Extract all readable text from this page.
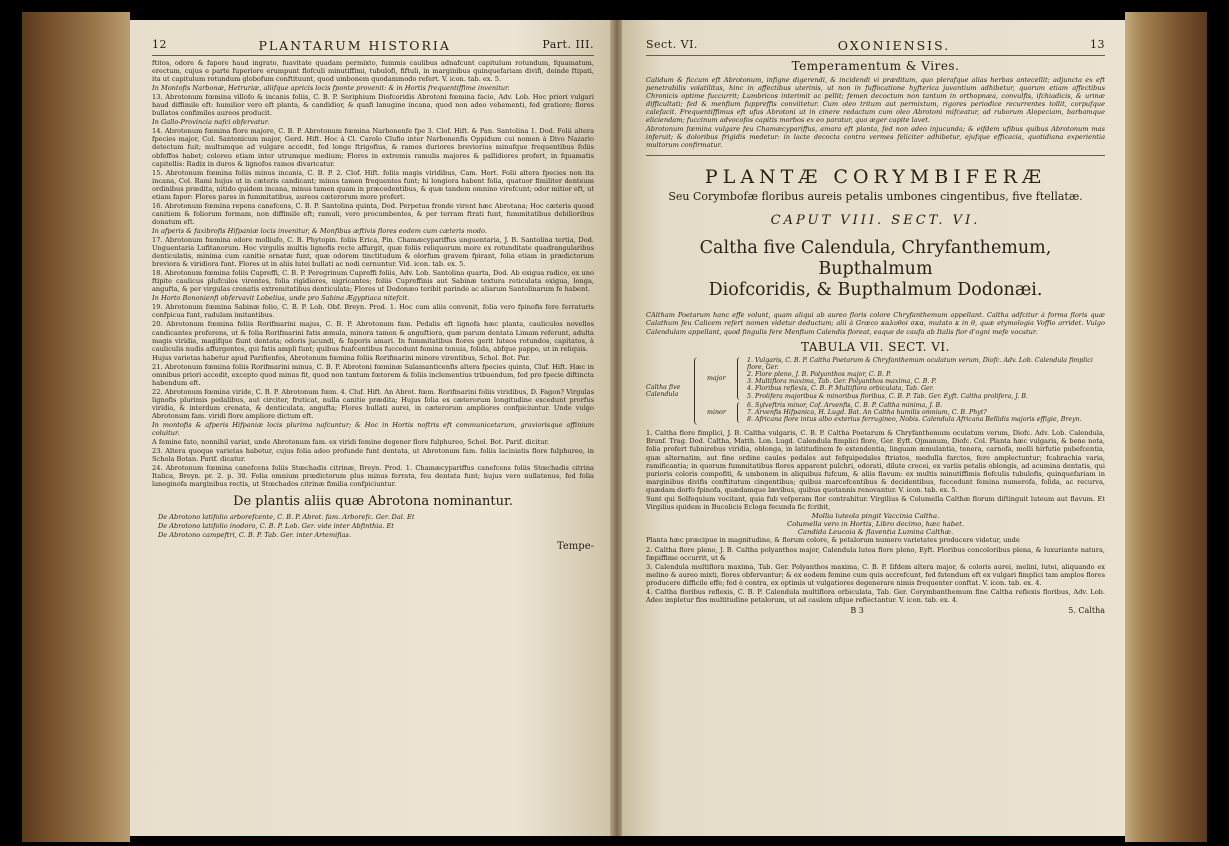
12	PLANTARUM HISTORIA	Part. III.

ftitos, odore & fapore haud ingrato, fuavitate quadam permixto, fummis caulibus adnafcunt capitulum rotundum, fquamatum, erectum, cujus e parte fuperiore erumpunt flofculi minutiffimi, tubulofi, fiftuli, in marginibus quinquefariam divifi, deinde ftipati, ita ut capitulum rotundum globofum conftituunt, quod umbonem quodammodo refert. V. icon. tab. ex. 5.

In Montofis Narbonæ, Hetruriæ, aliifque apricis locis fponte provenit: & in Hortis frequentiffime invenitur.

13. Abrotonum fœmina villofo & incanis foliis, C. B. P. Seriphium Diofcoridis Abrotoni fœmina facie, Adv. Lob. Hoc priori vulgari haud diffimile eft: humilior vero eft planta, & candidior, & quafi lanugine incana, quod non adeo vehementi, fed gratiore; flores bullatos confimiles aureos producit.

In Gallo-Provincia nafci obfervatur.

14. Abrotonum fœmina flore majore, C. B. P. Abrotonum fœmina Narbonenfe fpe 3. Clof. Hift. & Pan. Santolina 1. Dod. Folii altera fpecies major, Col. Santonicum major, Gerd. Hift. Hoc à Cl. Carolo Clufio inter Narbonenfis Oppidum cui nomen à Divo Nazario detectum fuit; multumque ad vulgare accedit, fed longe ftrigofius, & ramos duriores breviorius minufque frequentibus foliis obfeffos habet; coloreu etiam inter utrumque medium; Flores in extremis ramulis majores & pallidiores profert, in fquamatis capitellis: Radix in duros & lignofos ramos divaricatur.

15. Abrotonum fœmina foliis minus incanis, C. B. P. 2. Clof. Hift. foliis magis viridibus, Cam. Hort. Folii altera fpecies non ita incana, Col. Rami hujus ut in cæteris candicant; minus tamen frequentes funt; hi longiora habent folia, quatuor fimiliter denteum ordinibus prædita, nitido quidem incana, minus tamen quam in præcedentibus, & quæ tandem omnino virefcunt; odor mitior eft, ut etiam fapor: Flores pares in fummitatibus, aureos cæterorum more profert.

16. Abrotonum fœmina repens canefcens, C. B. P. Santolina quinta, Dod. Perpetua fronde virent hæc Abrotana; Hoc cæteris quoad canitiem & foliorum formam, non diffimile eft; ramuli, vero procumbentes, & per terram ftrati funt, fummitatibus debilioribus donatum eft.

In afperis & faxibrofis Hifpaniæ locis invenitur, & Monfibus æftivis flores eodem cum cæteris modo.

17. Abrotonum fœmina odore molliufo, C. B. Phytopin. foliis Erica, Pin. Chamæcypariffus unguentaria, J. B. Santolina tertia, Dod. Unguentaria Lufitanorum. Hoc virgulis multis lignofis recte affurgit, quæ foliis reliquorum more ex rotunditate quadrangularibus denticulatis, minima cum canitie ornatæ funt, quæ odorem tinctitudum & olorfum gravem fpirant, folia etiam in prædictorum breviora & viridiora funt. Flores ut in aliis lutei bullati ac nodi cernuntur. Vid. icon. tab. ex. 5.

18. Abrotonum fœmina foliis Cupreffi, C. B. P. Peregrinum Cupreffi foliis, Adv. Lob. Santolina quarta, Dod. Ab exigua radice, ex uno ftipite caulicus plufculos virentes, folia rigidiores, nigricantes; foliis Cupreffinis aut Sabinæ textura reticulata exigua, longa, angufta, & per virgulas crenatis extremitatibus denticulata; Flores ut Dodonæo teribit parinde ac aliarum Santolinarum fe habent.

In Horto Bononienfi obfervavit Lobelius, unde pro Sabina Ægyptiaca nitefcit.

19. Abrotonum fœmina Sabinæ folio, C. B. P. Lob. Obf. Breyn. Prod. 1. Hoc cum aliis convenit, folia vero fpinofis fere ferraturis confpicua funt, radulam imitantibus.

20. Abrotonum fœmina foliis Rorifmarini majus, C. B. P. Abrotonum fam. Pedalis eft lignofa hæc planta, cauliculos novellos candicantes proferens, ut & folia Rorifmarini fatis æmula, minora tamen & anguftiora, quæ parum dentata Limam referunt, adulta magis viridia, magifque fiunt dentata; odoris jucundi, & faporis amari. In fummitatibus flores gerit luteos rotundos, capitatos, à cauliculis nudis affurgentes, qui fatis ampli funt; quibus fuafcentibus fuccedunt femina tenuia, folida, abfque pappo, ut in reliquis.

Hujus varietas habetur apud Parifienfes, Abrotonum fœmina foliis Rorifmarini minore virentibus, Schol. Bot. Par.

21. Abrotonum fœmina foliis Rorifmarini minus, C. B. P. Abrotoni fœminæ Salamanticenfis altera fpecies quinta, Cluf. Hift. Hæc in omnibus priori accedit, excepto quod minus fit, quod non tantum fœtorem & foliis inclementius tribuendum, fed pro fpecie diftincta habendum eft.

22. Abrotonum fœmina viride, C. B. P. Abrotonum fœm. 4. Cluf. Hift. An Abrot. fœm. Rorifmarini foliis viridibus, D. Fagon? Virgulas lignofis plurimis pedalibus, aut circiter, fruticat, nulla canitie prædita; Hujus folia ex cæterorum longitudine excedunt prorfus viridia, & interdum crenata, & denticulata, angufta; Flores bullati aurei, in cæterorum ampliores confpiciuntur. Unde vulgo Abrotonum fam. viridi flore ampliore dictum eft.

In montofis & afperis Hifpaniæ locis plurima nafcuntur; & Hoc in Hortis noftris eft communicetarum, graviorisque affinium coluitur.

A femine fato, nonnihil variat, unde Abrotonum fam. ex viridi femine degener flore fulphureo, Schol. Bot. Parif. dicitur.

23. Altera quoque varietas habetur, cujus folia adeo profunde funt dentata, ut Abrotonum fam. foliis laciniatis flore fulphureo, in Schola Botan. Parif. dicatur.

24. Abrotonum fœmina canefcens foliis Stœchadis citrinæ, Breyn. Prod. 1. Chamæcypariffus canefcens foliis Stœchadis citrina Italica, Breyn. pr. 2. p. 30. Folia omnium prædictorum plus minus ferrata, feu dentata funt; hujus vero nullatenus, fed folia laneginofa marginibus rectis, ut Stœchados citrinæ fimilia confpiciuntur.

De plantis aliis quæ Abrotona nominantur.
De Abrotono latifolio arborefcente, C. B. P. Abrot. fam. Arborefc. Ger. Dal. Et
De Abrotono latifolio inodoro, C. B. P. Lob. Ger. vide inter Abfinthia. Et
De Abrotono campeftri, C. B. P. Tab. Ger. inter Artemifias.
Tempe-
Sect. VI.	OXONIENSIS.	13
Temperamentum & Vires.

Calidum & ficcum eft Abrotonum, infigne digerendi, & incidendi vi præditum, quo plerafque alias herbas antecellit; adjuncta ex eft penetrabilis volatilitas, hinc in affectibus uterinis, ut non in fuffocatione hyfterica juvantium adhibetur, quorum etiam affectibus Chronicis optime fuccurrit; Lumbricos interimit ac pellit; femen decoctum non tantum in orthopnæa, convulfis, ifchiadicis, & urinæ difficultati; fed & menfium fuppreffis conviitetur. Cum oleo tritum aut permixtum, rigores periodice recurrentes tollit, corpufque calefacit. Frequentiffimus eft ufus Abrotoni ut in cinere redactum cum oleo Abrotoni mifceatur, ad ruborum Alopeciam, barbamque eliciendam; fuccinum advocofos capitis morbos ex eo paratur, quo æger capite lavet.

Abrotonum fœmina vulgare feu Chamæcypariffus, amara eft planta, fed non adeo injucunda; & eifdem ufibus quibus Abrotonum mas inferuit; & doloribus frigidis medetur: in lacte decocta contra vermes feliciter adhibetur, ejufque efficacia, quotidiana experientia multorum confirmatur.

PLANTÆ CORYMBIFERÆ
Seu Corymbofæ floribus aureis petalis umbones cingentibus, five ftellatæ.
CAPUT VIII. SECT. VI.
Caltha five Calendula, Chryfanthemum, Bupthalmum
Diofcoridis, & Bupthalmum Dodonæi.

CAltham Poetarum hanc effe volunt, quam aliqui ab aureo floris colore Chryfanthemum appellant. Caltha adfcitur à forma floris quæ Calathum feu Calicem refert nomen videtur deductum; alii à Græco καλυθοi σκα, mutato κ in θ, quæ etymologia Voffio arridet. Vulgo Calendulam appellant, quod fingulis fere Menfium Calendis floreat, eaque de caufa ab Italis fior d'ogni mefe vocatur.

TABULA VII. SECT. VI.
Caltha five Calendula
major
1. Vulgaris, C. B. P. Caltha Poetarum & Chryfanthemum oculatum verum, Diofc. Adv. Lob. Calendula fimplici flore, Ger.
2. Flore pleno, J. B. Polyanthos major, C. B. P.
3. Multiflora maxima, Tab. Ger. Polyanthos maxima, C. B. P.
4. Floribus reflexis, C. B. P. Multiflora orbiculata, Tab. Ger.
5. Prolifera majoribus & minoribus floribus, C. B. P. Tab. Ger. Eyft. Caltha prolifera, J. B.
minor
6. Sylveftris minor, Cof. Arvenfis, C. B. P. Caltha minima, J. B.
7. Arvenfis Hifpanica, H. Lugd. Bat. An Caltha humilis omnium, C. B. Phyt?
8. Africana flore intus albo exterius ferrugineo, Nobis. Calendula Africana Bellidis majoris effigie, Breyn.

1. Caltha flore fimplici, J. B. Caltha vulgaris, C. B. P. Caltha Poetarum & Chryfanthemum oculatum verum, Diofc. Adv. Lob. Calendula, Brunf. Trag. Dod. Caltha, Matth. Lon. Lugd. Calendula fimplici flore, Ger. Eyft. Ojmanum, Diofc. Col. Planta hæc vulgaris, & bene nota, folia profert fubnirebus viridia, oblonga, in latitudinem fe extendentia, linguam æmulantia, tenera, carnofa, molli hirfutie pubefcentia, quæ alternatim, aut fine ordine caules pedales aut fefquipedales ftriatos, medulla farctos, fere amplectuntur; fcabrachia varia, ramificantia; in quorum fummitatibus flores apparent pulchri, odorati, dilute crocei, ex variis petalis oblongis, ad acumina dentatis, qui purioris coloris compofiti, & umbonem in aliquibus fufcum, & aliis flavum: ex multis minutiffimis flofculis tubulofis, quinquefariam in marginibus divifis conftitutum cingentibus; quibus marcefcentibus & decidentibus, fuccedunt femina numerofa, folida, ac recurva, quædam dorfo fpinofa, quædamque lævibus, quibus quotannis renovantur. V. icon. tab. ex. 5.

Sunt qui Solfequium vocitant, quia fub veſperam flor contrahitur. Virgilius & Columella Calthæ florum diſtinguit luteum aut flavum. Et Virgilius quidem in Bucolicis Ecloga fecunda fic fcribit,

Mollia luteola pingit Vaccinia Caltha.
Columella vero in Hortis, Libro decimo, hæc habet.
Candida Leucoia & flaventia Lumina Calthæ.

Planta hæc præcipue in magnitudine, & florum colore, & petalorum numero varietates producere videtur, unde

2. Caltha flore pleno, J. B. Caltha polyanthos major, Calendula lutea flore pleno, Eyft. Floribus concoloribus plena, & luxuriante natura, fæpiffime occurrit, ut &

3. Calendula multiflora maxima, Tab. Ger. Polyanthos maxima, C. B. P. Iifdem altera major, & coloris aurei, melini, lutei, aliquando ex melino & aureo mixti, flores obfervantur; & ex eodem femine cum quis accrefcunt, fed fatendum eft ex vulgari fimplici tam amplos flores producere difficile effe; fed è contra, ex optimis ut vulgatiores degenerare nimis frequenter conftat. V. icon. tab. ex. 4.

4. Caltha floribus reflexis, C. B. P. Calendula multiflora orbiculata, Tab. Ger. Corymbanthemum fine Caltha reflexis floribus, Adv. Lob. Adeo impletur flos multitudine petalorum, ut ad caulem ufque reflectantur. V. icon. tab. ex. 4.

B 3	5. Caltha
